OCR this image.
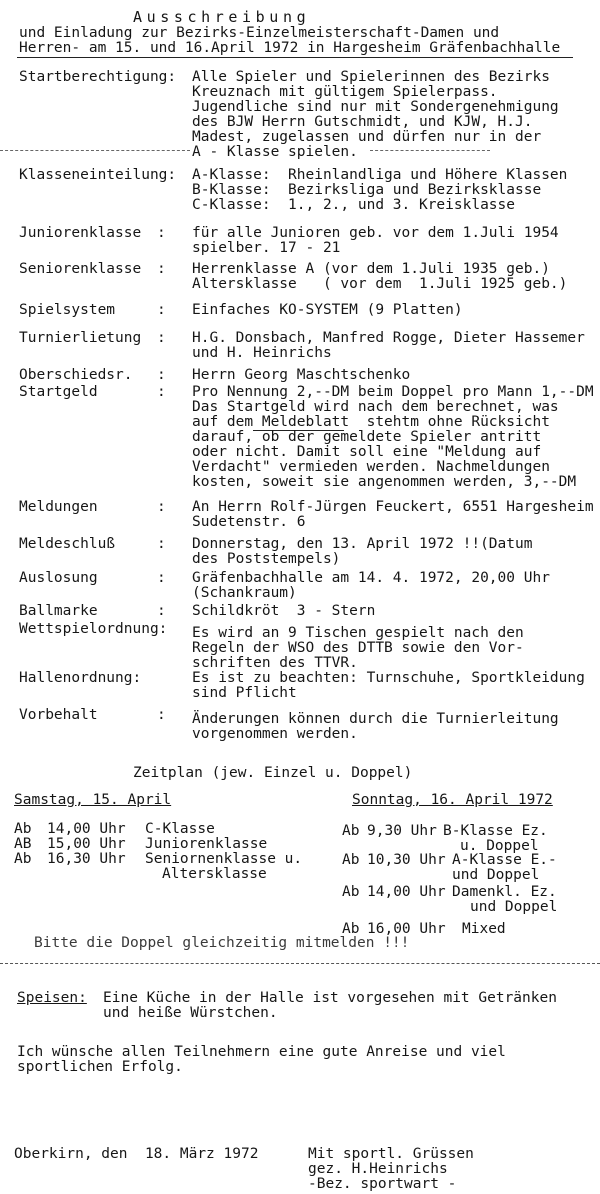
Ausschreibung
und Einladung zur Bezirks-Einzelmeisterschaft-Damen und
Herren- am 15. und 16.April 1972 in Hargesheim Gräfenbachhalle
Startberechtigung: Alle Spieler und Spielerinnen des Bezirks
Kreuznach mit gültigem Spielerpass.
Jugendliche sind nur mit Sondergenehmigung
des BJW Herrn Gutschmidt, und KJW, H.J.
Madest, zugelassen und dürfen nur in der
A - Klasse spielen.
Klasseneinteilung: A-Klasse:  Rheinlandliga und Höhere Klassen
B-Klasse:  Bezirksliga und Bezirksklasse
C-Klasse:  1., 2., und 3. Kreisklasse
Juniorenklasse : für alle Junioren geb. vor dem 1.Juli 1954
spielber. 17 - 21
Seniorenklasse : Herrenklasse A (vor dem 1.Juli 1935 geb.)
Altersklasse   ( vor dem  1.Juli 1925 geb.)
Spielsystem	: Einfaches KO-SYSTEM (9 Platten)
Turnierlietung : H.G. Donsbach, Manfred Rogge, Dieter Hassemer
und H. Heinrichs
Oberschiedsr. : Herrn Georg Maschtschenko
Startgeld	: Pro Nennung 2,--DM beim Doppel pro Mann 1,--DM
Das Startgeld wird nach dem berechnet, was
auf dem Meldeblatt  stehtm ohne Rücksicht
darauf, ob der gemeldete Spieler antritt
oder nicht. Damit soll eine "Meldung auf
Verdacht" vermieden werden. Nachmeldungen
kosten, soweit sie angenommen werden, 3,--DM
Meldungen	: An Herrn Rolf-Jürgen Feuckert, 6551 Hargesheim
Sudetenstr. 6
Meldeschluß	: Donnerstag, den 13. April 1972 !!(Datum
des Poststempels)
Auslosung	: Gräfenbachhalle am 14. 4. 1972, 20,00 Uhr
(Schankraum)
Ballmarke	: Schildkröt  3 - Stern
Wettspielordnung: Es wird an 9 Tischen gespielt nach den
Regeln der WSO des DTTB sowie den Vor-
schriften des TTVR.
Hallenordnung:	Es ist zu beachten: Turnschuhe, Sportkleidung
sind Pflicht
Vorbehalt	: Änderungen können durch die Turnierleitung
vorgenommen werden.
Zeitplan (jew. Einzel u. Doppel)
Samstag, 15. April	Sonntag, 16. April 1972
Ab 14,00 Uhr C-Klasse
AB 15,00 Uhr Juniorenklasse
Ab 16,30 Uhr Seniornenklasse u.
Altersklasse
Ab 9,30 Uhr B-Klasse Ez.
u. Doppel
Ab 10,30 Uhr A-Klasse E.-
und Doppel
Ab 14,00 Uhr Damenkl. Ez.
und Doppel
Ab 16,00 Uhr Mixed
Bitte die Doppel gleichzeitig mitmelden !!!
Speisen: Eine Küche in der Halle ist vorgesehen mit Getränken
und heiße Würstchen.
Ich wünsche allen Teilnehmern eine gute Anreise und viel
sportlichen Erfolg.
Oberkirn, den  18. März 1972	Mit sportl. Grüssen
gez. H.Heinrichs
-Bez. sportwart -
